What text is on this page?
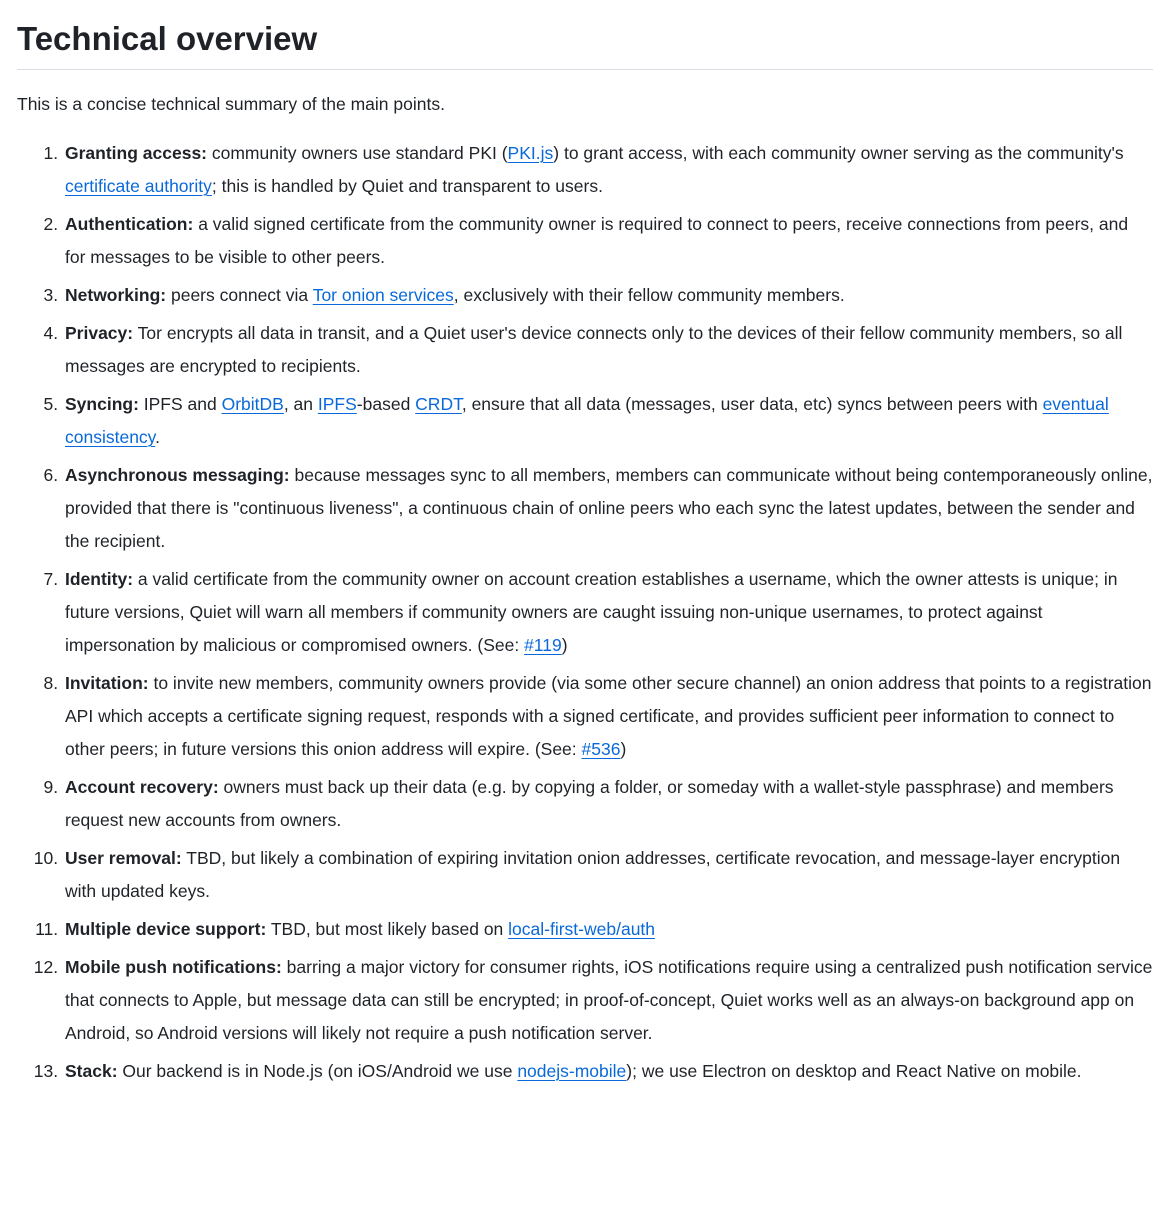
Technical overview

This is a concise technical summary of the main points.

1. Granting access: community owners use standard PKI (PKI.js) to grant access, with each community owner serving as the community's certificate authority; this is handled by Quiet and transparent to users.
2. Authentication: a valid signed certificate from the community owner is required to connect to peers, receive connections from peers, and for messages to be visible to other peers.
3. Networking: peers connect via Tor onion services, exclusively with their fellow community members.
4. Privacy: Tor encrypts all data in transit, and a Quiet user's device connects only to the devices of their fellow community members, so all messages are encrypted to recipients.
5. Syncing: IPFS and OrbitDB, an IPFS-based CRDT, ensure that all data (messages, user data, etc) syncs between peers with eventual consistency.
6. Asynchronous messaging: because messages sync to all members, members can communicate without being contemporaneously online, provided that there is "continuous liveness", a continuous chain of online peers who each sync the latest updates, between the sender and the recipient.
7. Identity: a valid certificate from the community owner on account creation establishes a username, which the owner attests is unique; in future versions, Quiet will warn all members if community owners are caught issuing non-unique usernames, to protect against impersonation by malicious or compromised owners. (See: #119)
8. Invitation: to invite new members, community owners provide (via some other secure channel) an onion address that points to a registration API which accepts a certificate signing request, responds with a signed certificate, and provides sufficient peer information to connect to other peers; in future versions this onion address will expire. (See: #536)
9. Account recovery: owners must back up their data (e.g. by copying a folder, or someday with a wallet-style passphrase) and members request new accounts from owners.
10. User removal: TBD, but likely a combination of expiring invitation onion addresses, certificate revocation, and message-layer encryption with updated keys.
11. Multiple device support: TBD, but most likely based on local-first-web/auth
12. Mobile push notifications: barring a major victory for consumer rights, iOS notifications require using a centralized push notification service that connects to Apple, but message data can still be encrypted; in proof-of-concept, Quiet works well as an always-on background app on Android, so Android versions will likely not require a push notification server.
13. Stack: Our backend is in Node.js (on iOS/Android we use nodejs-mobile); we use Electron on desktop and React Native on mobile.
